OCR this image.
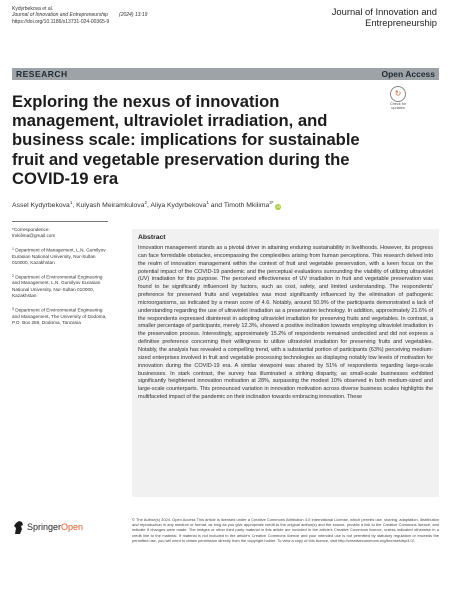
Kydyrbekova et al.
Journal of Innovation and Entrepreneurship (2024) 13:19
https://doi.org/10.1186/s13731-024-00365-9
Journal of Innovation and Entrepreneurship
RESEARCH	Open Access
↻
Check for
updates
Exploring the nexus of innovation management, ultraviolet irradiation, and business scale: implications for sustainable fruit and vegetable preservation during the COVID-19 era
Assel Kydyrbekova$^1$, Kulyash Meiramkulova$^2$, Aliya Kydyrbekova$^1$ and Timoth Mkilima$^{3*}$ iD

*Correspondence:
tmkilima@gmail.com

$^1$ Department of Management, L.N. Gumilyov Eurasian National University, Nur-Sultan 010000, Kazakhstan

$^2$ Department of Environmental Engineering and Management, L.N. Gumilyov Eurasian National University, Nur-Sultan 010000, Kazakhstan

$^3$ Department of Environmental Engineering and Management, The University of Dodoma, P.O. Box 259, Dodoma, Tanzania

Abstract
Innovation management stands as a pivotal driver in attaining enduring sustainability in livelihoods. However, its progress can face formidable obstacles, encompassing the complexities arising from human perceptions. This research delved into the realm of innovation management within the context of fruit and vegetable preservation, with a keen focus on the potential impact of the COVID-19 pandemic and the perceptual evaluations surrounding the viability of utilizing ultraviolet (UV) irradiation for this purpose. The perceived effectiveness of UV irradiation in fruit and vegetable preservation was found to be significantly influenced by factors, such as cost, safety, and limited understanding. The respondents' preference for preserved fruits and vegetables was most significantly influenced by the elimination of pathogenic microorganisms, as indicated by a mean score of 4.6. Notably, around 50.9% of the participants demonstrated a lack of understanding regarding the use of ultraviolet irradiation as a preservation technology. In addition, approximately 21.6% of the respondents expressed disinterest in adopting ultraviolet irradiation for preserving fruits and vegetables. In contrast, a smaller percentage of participants, merely 12.3%, showed a positive inclination towards employing ultraviolet irradiation in the preservation process. Interestingly, approximately 15.2% of respondents remained undecided and did not express a definitive preference concerning their willingness to utilize ultraviolet irradiation for preserving fruits and vegetables. Notably, the analysis has revealed a compelling trend, with a substantial portion of participants (63%) perceiving medium-sized enterprises involved in fruit and vegetable processing technologies as displaying notably low levels of motivation for innovation during the COVID-19 era. A similar viewpoint was shared by 51% of respondents regarding large-scale businesses. In stark contrast, the survey has illuminated a striking disparity, as small-scale businesses exhibited significantly heightened innovation motivation at 28%, surpassing the modest 10% observed in both medium-sized and large-scale counterparts. This pronounced variation in innovation motivation across diverse business scales highlights the multifaceted impact of the pandemic on their inclination towards embracing innovation. These
SpringerOpen
© The Author(s) 2024. Open Access This article is licensed under a Creative Commons Attribution 4.0 International License, which permits use, sharing, adaptation, distribution and reproduction in any medium or format, as long as you give appropriate credit to the original author(s) and the source, provide a link to the Creative Commons licence, and indicate if changes were made. The images or other third party material in this article are included in the article's Creative Commons licence, unless indicated otherwise in a credit line to the material. If material is not included in the article's Creative Commons licence and your intended use is not permitted by statutory regulation or exceeds the permitted use, you will need to obtain permission directly from the copyright holder. To view a copy of this licence, visit http://creativecommons.org/licenses/by/4.0/.
